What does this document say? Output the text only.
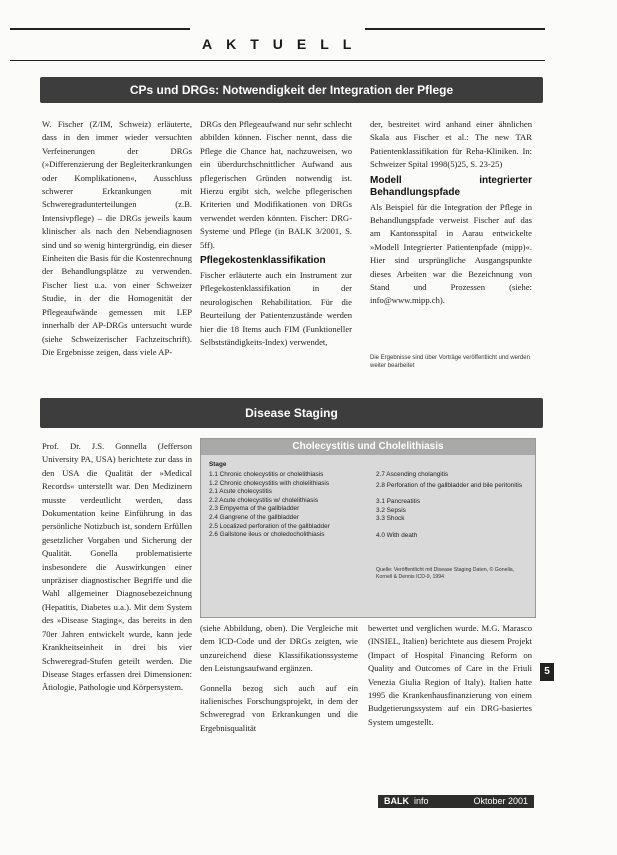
AKTUELL
CPs und DRGs: Notwendigkeit der Integration der Pflege

W. Fischer (Z/IM, Schweiz) erläuterte, dass in den immer wieder versuchten Verfeinerungen der DRGs (»Differenzierung der Begleiterkrankungen oder Komplikationen«, Ausschluss schwerer Erkrankungen mit Schweregradunterteilungen (z.B. Intensivpflege) – die DRGs jeweils kaum klinischer als nach den Nebendiagnosen sind und so wenig hintergründig, ein dieser Einheiten die Basis für die Kostenrechnung der Behandlungsplätze zu verwenden. Fischer liest u.a. von einer Schweizer Studie, in der die Homogenität der Pflegeaufwände gemessen mit LEP innerhalb der AP-DRGs untersucht wurde (siehe Schweizerischer Fachzeitschrift). Die Ergebnisse zeigen, dass viele AP-

DRGs den Pflegeaufwand nur sehr schlecht abbilden können. Fischer nennt, dass die Pflege die Chance hat, nachzuweisen, wo ein überdurchschnittlicher Aufwand aus pflegerischen Gründen notwendig ist. Hierzu ergibt sich, welche pflegerischen Kriterien und Modifikationen von DRGs verwendet werden könnten. Fischer: DRG-Systeme und Pflege (in BALK 3/2001, S. 5ff).

Pflegekostenklassifikation

Fischer erläuterte auch ein Instrument zur Pflegekostenklassifikation in der neurologischen Rehabilitation. Für die Beurteilung der Patientenzustände werden hier die 18 Items auch FIM (Funktioneller Selbstständigkeits-Index) verwendet,

der, bestreitet wird anhand einer ähnlichen Skala aus Fischer et al.: The new TAR Patientenklassifikation für Reha-Kliniken. In: Schweizer Spital 1998(5)25, S. 23-25)

Modell integrierter Behandlungspfade

Als Beispiel für die Integration der Pflege in Behandlungspfade verweist Fischer auf das am Kantonsspital in Aarau entwickelte »Modell Integrierter Patientenpfade (mipp)«. Hier sind ursprüngliche Ausgangspunkte dieses Arbeiten war die Bezeichnung von Stand und Prozessen (siehe: info@www.mipp.ch).

Die Ergebnisse sind über Vorträge veröffentlicht und werden weiter bearbeitet
Disease Staging

Prof. Dr. J.S. Gonnella (Jefferson University PA, USA) berichtete zur dass in den USA die Qualität der »Medical Records« unterstellt war. Den Medizinern musste verdeutlicht werden, dass Dokumentation keine Einführung in das persönliche Notizbuch ist, sondern Erfüllen gesetzlicher Vorgaben und Sicherung der Qualität. Gonella problematisierte insbesondere die Auswirkungen einer unpräziser diagnostischer Begriffe und die Wahl allgemeiner Diagnosebezeichnung (Hepatitis, Diabetes u.a.). Mit dem System des »Disease Staging«, das bereits in den 70er Jahren entwickelt wurde, kann jede Krankheitseinheit in drei bis vier Schweregrad-Stufen geteilt werden. Die Disease Stages erfassen drei Dimensionen: Ätiologie, Pathologie und Körpersystem.

Cholecystitis und Cholelithiasis
Stage
1.1 Chronic cholecystitis or cholelithiasis
1.2 Chronic cholecystitis with cholelithiasis
2.1 Acute cholecystitis
2.2 Acute cholecystitis w/ cholelithiasis
2.3 Empyema of the gallbladder
2.4 Gangrene of the gallbladder
2.5 Localized perforation of the gallbladder
2.6 Gallstone ileus or choledocholithiasis
2.7 Ascending cholangitis
2.8 Perforation of the gallbladder and bile peritonitis
3.1 Pancreatitis
3.2 Sepsis
3.3 Shock
4.0 With death
Quelle: Veröffentlicht mit Disease Staging Daten, © Gonella, Kornell & Dennis ICD-9, 1994

(siehe Abbildung, oben). Die Vergleiche mit dem ICD-Code und der DRGs zeigten, wie unzureichend diese Klassifikationssysteme den Leistungsaufwand ergänzen.

Gonnella bezog sich auch auf ein italienisches Forschungsprojekt, in dem der Schweregrad von Erkrankungen und die Ergebnisqualität

bewertet und verglichen wurde. M.G. Marasco (INSIEL, Italien) berichtete aus diesem Projekt (Impact of Hospital Financing Reform on Quality and Outcomes of Care in the Friuli Venezia Giulia Region of Italy). Italien hatte 1995 die Krankenhausfinanzierung von einem Budgetierungssystem auf ein DRG-basiertes System umgestellt.

5
BALK info	Oktober 2001
